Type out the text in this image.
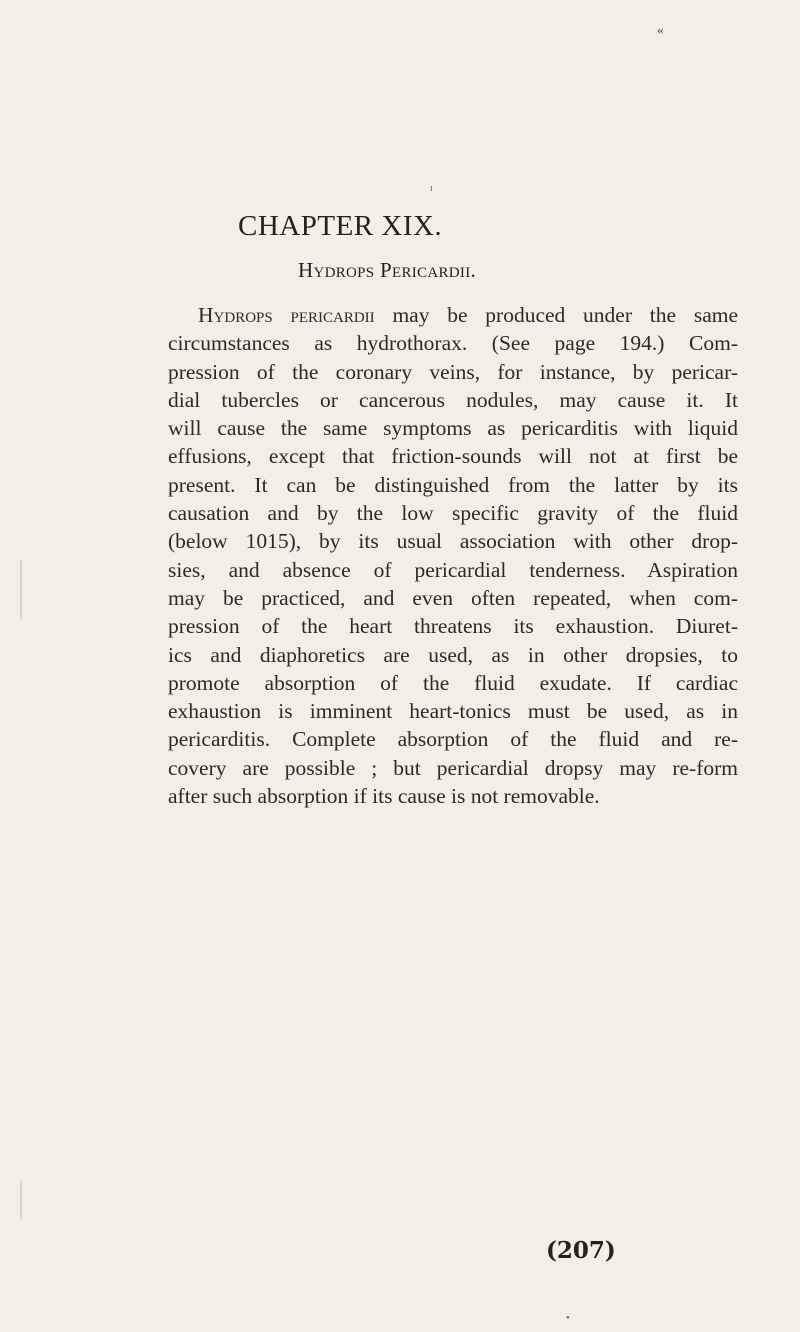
«
ı
CHAPTER XIX.
Hydrops Pericardii.
Hydrops pericardii may be produced under the same
circumstances as hydrothorax. (See page 194.) Com-
pression of the coronary veins, for instance, by pericar-
dial tubercles or cancerous nodules, may cause it. It
will cause the same symptoms as pericarditis with liquid
effusions, except that friction-sounds will not at first be
present. It can be distinguished from the latter by its
causation and by the low specific gravity of the fluid
(below 1015), by its usual association with other drop-
sies, and absence of pericardial tenderness. Aspiration
may be practiced, and even often repeated, when com-
pression of the heart threatens its exhaustion. Diuret-
ics and diaphoretics are used, as in other dropsies, to
promote absorption of the fluid exudate. If cardiac
exhaustion is imminent heart-tonics must be used, as in
pericarditis. Complete absorption of the fluid and re-
covery are possible ; but pericardial dropsy may re-form
after such absorption if its cause is not removable.
(207)
•
